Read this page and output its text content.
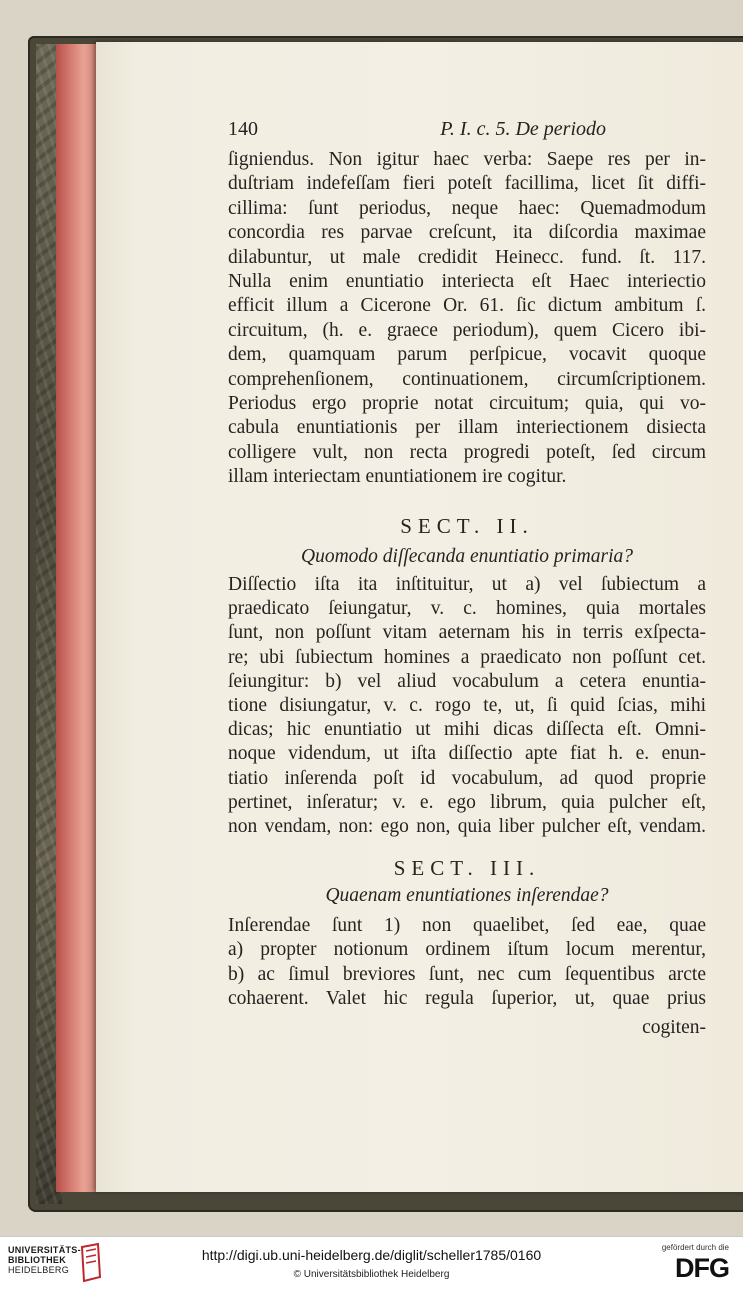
140	P. I. c. 5. De periodo
ſigniendus. Non igitur haec verba: Saepe res per in-
duſtriam indefeſſam fieri poteſt facillima, licet ſit diffi-
cillima: ſunt periodus, neque haec: Quemadmodum
concordia res parvae creſcunt, ita diſcordia maximae
dilabuntur, ut male credidit Heinecc. fund. ſt. 117.
Nulla enim enuntiatio interiecta eſt Haec interiectio
efficit illum a Cicerone Or. 61. ſic dictum ambitum ſ.
circuitum, (h. e. graece periodum), quem Cicero ibi-
dem, quamquam parum perſpicue, vocavit quoque
comprehenſionem, continuationem, circumſcriptionem.
Periodus ergo proprie notat circuitum; quia, qui vo-
cabula enuntiationis per illam interiectionem disiecta
colligere vult, non recta progredi poteſt, ſed circum
illam interiectam enuntiationem ire cogitur.
SECT. II.
Quomodo diſſecanda enuntiatio primaria?
Diſſectio iſta ita inſtituitur, ut a) vel ſubiectum a
praedicato ſeiungatur, v. c. homines, quia mortales
ſunt, non poſſunt vitam aeternam his in terris exſpecta-
re; ubi ſubiectum homines a praedicato non poſſunt cet.
ſeiungitur: b) vel aliud vocabulum a cetera enuntia-
tione disiungatur, v. c. rogo te, ut, ſi quid ſcias, mihi
dicas; hic enuntiatio ut mihi dicas diſſecta eſt. Omni-
noque videndum, ut iſta diſſectio apte fiat h. e. enun-
tiatio inſerenda poſt id vocabulum, ad quod proprie
pertinet, inſeratur; v. e. ego librum, quia pulcher eſt,
non vendam, non: ego non, quia liber pulcher eſt, vendam.
SECT. III.
Quaenam enuntiationes inſerendae?
Inſerendae ſunt 1) non quaelibet, ſed eae, quae
a) propter notionum ordinem iſtum locum merentur,
b) ac ſimul breviores ſunt, nec cum ſequentibus arcte
cohaerent. Valet hic regula ſuperior, ut, quae prius
cogiten-
UNIVERSITÄTS-
BIBLIOTHEK
HEIDELBERG
http://digi.ub.uni-heidelberg.de/diglit/scheller1785/0160
© Universitätsbibliothek Heidelberg
gefördert durch die
DFG
